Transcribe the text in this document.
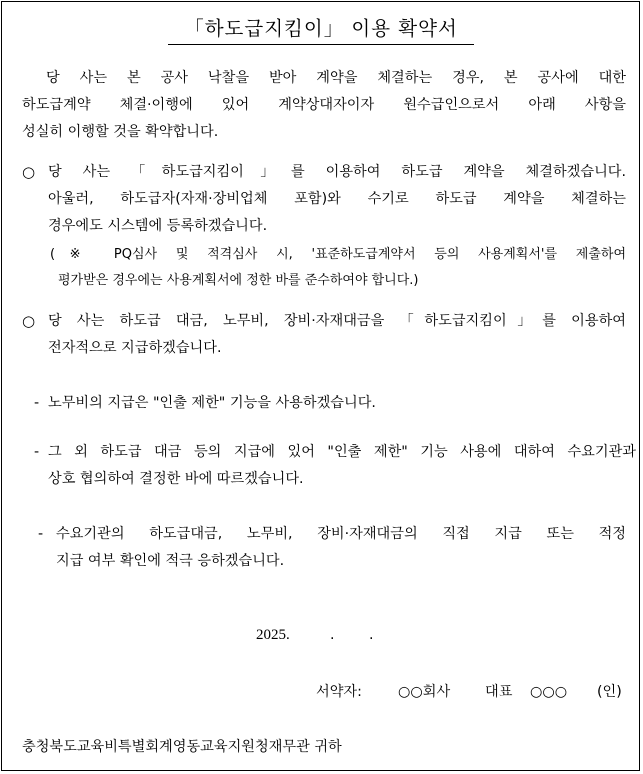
「하도급지킴이」 이용 확약서
당 사는 본 공사 낙찰을 받아 계약을 체결하는 경우, 본 공사에 대한
하도급계약 체결·이행에 있어 계약상대자이자 원수급인으로서 아래 사항을
성실히 이행할 것을 확약합니다.
○ 당 사는 「하도급지킴이」를 이용하여 하도급 계약을 체결하겠습니다.
아울러, 하도급자(자재·장비업체 포함)와 수기로 하도급 계약을 체결하는
경우에도 시스템에 등록하겠습니다.
(※ PQ심사 및 적격심사 시, '표준하도급계약서 등의 사용계획서'를 제출하여
평가받은 경우에는 사용계획서에 정한 바를 준수하여야 합니다.)
○ 당 사는 하도급 대금, 노무비, 장비·자재대금을 「하도급지킴이」를 이용하여
전자적으로 지급하겠습니다.
- 노무비의 지급은 "인출 제한" 기능을 사용하겠습니다.
- 그 외 하도급 대금 등의 지급에 있어 "인출 제한" 기능 사용에 대하여 수요기관과
상호 협의하여 결정한 바에 따르겠습니다.
- 수요기관의 하도급대금, 노무비, 장비·자재대금의 직접 지급 또는 적정
지급 여부 확인에 적극 응하겠습니다.
2025.	. .
서약자:	○○회사 대표 ○○○ (인)
충청북도교육비특별회계영동교육지원청재무관 귀하
